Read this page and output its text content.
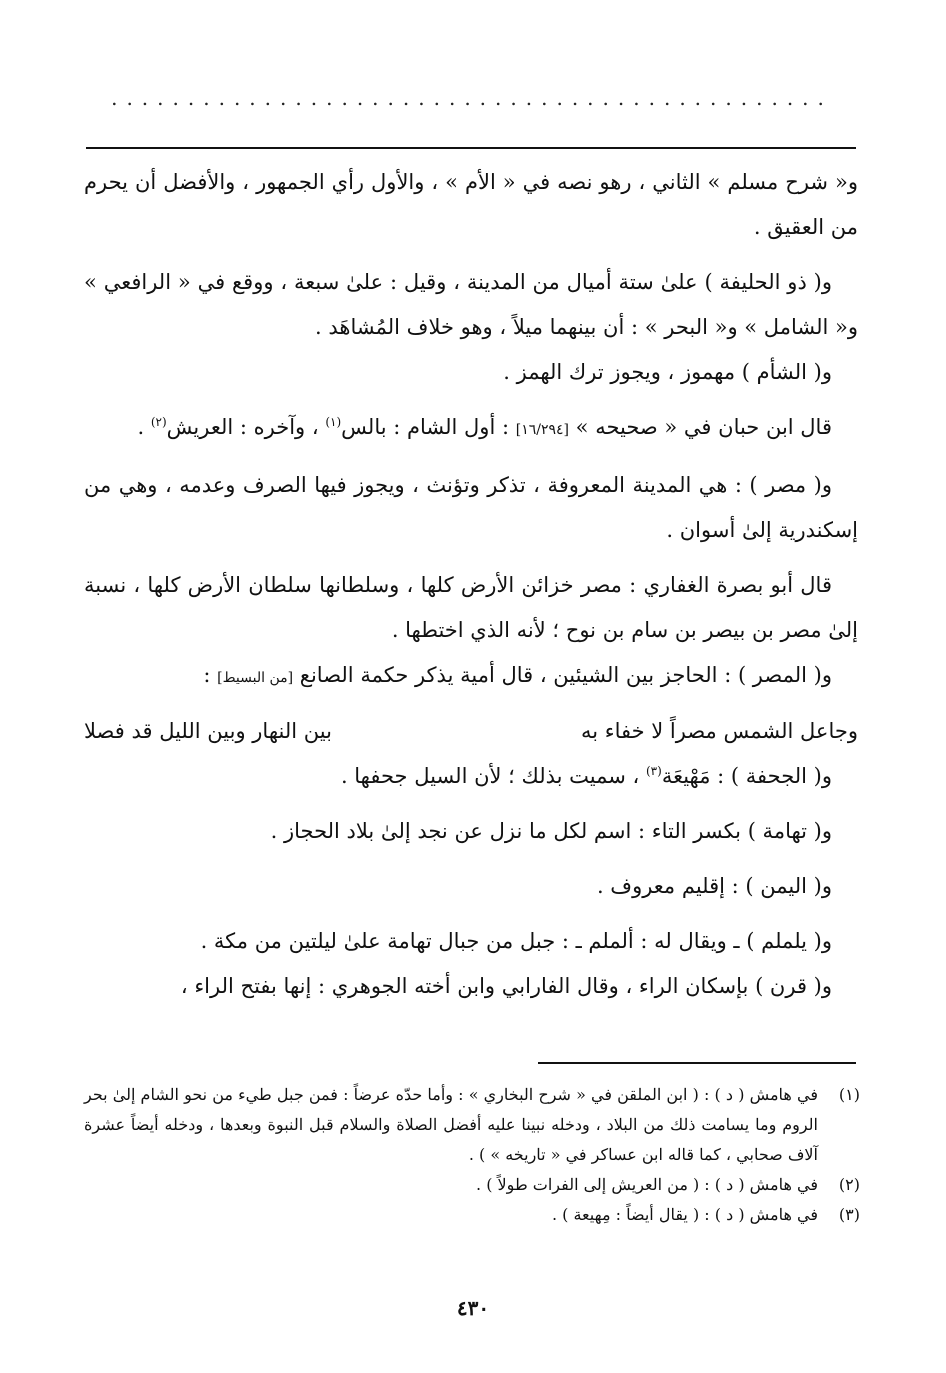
...............................................

و« شرح مسلم » الثاني ، رهو نصه في « الأم » ، والأول رأي الجمهور ، والأفضل أن يحرم من العقيق .

و( ذو الحليفة ) علىٰ ستة أميال من المدينة ، وقيل : علىٰ سبعة ، ووقع في « الرافعي » و« الشامل » و« البحر » : أن بينهما ميلاً ، وهو خلاف المُشاهَد .

و( الشأم ) مهموز ، ويجوز ترك الهمز .

قال ابن حبان في « صحيحه » [١٦/٢٩٤] : أول الشام : بالس$^{(١)}$ ، وآخره : العريش$^{(٢)}$ .

و( مصر ) : هي المدينة المعروفة ، تذكر وتؤنث ، ويجوز فيها الصرف وعدمه ، وهي من إسكندرية إلىٰ أسوان .

قال أبو بصرة الغفاري : مصر خزائن الأرض كلها ، وسلطانها سلطان الأرض كلها ، نسبة إلىٰ مصر بن بيصر بن سام بن نوح ؛ لأنه الذي اختطها .

و( المصر ) : الحاجز بين الشيئين ، قال أمية يذكر حكمة الصانع [من البسيط] :

وجاعل الشمس مصراً لا خفاء به
بين النهار وبين الليل قد فصلا

و( الجحفة ) : مَهْيعَة$^{(٣)}$ ، سميت بذلك ؛ لأن السيل جحفها .

و( تهامة ) بكسر التاء : اسم لكل ما نزل عن نجد إلىٰ بلاد الحجاز .

و( اليمن ) : إقليم معروف .

و( يلملم ) ـ ويقال له : ألملم ـ : جبل من جبال تهامة علىٰ ليلتين من مكة .

و( قرن ) بإسكان الراء ، وقال الفارابي وابن أخته الجوهري : إنها بفتح الراء ،

(١)
في هامش ( د ) : ( ابن الملقن في « شرح البخاري » : وأما حدّه عرضاً : فمن جبل طيء من نحو الشام إلىٰ بحر الروم وما يسامت ذلك من البلاد ، ودخله نبينا عليه أفضل الصلاة والسلام قبل النبوة وبعدها ، ودخله أيضاً عشرة آلاف صحابي ، كما قاله ابن عساكر في « تاريخه » ) .
(٢)
في هامش ( د ) : ( من العريش إلى الفرات طولاً ) .
(٣)
في هامش ( د ) : ( يقال أيضاً : مِهيعة ) .
٤٣٠
